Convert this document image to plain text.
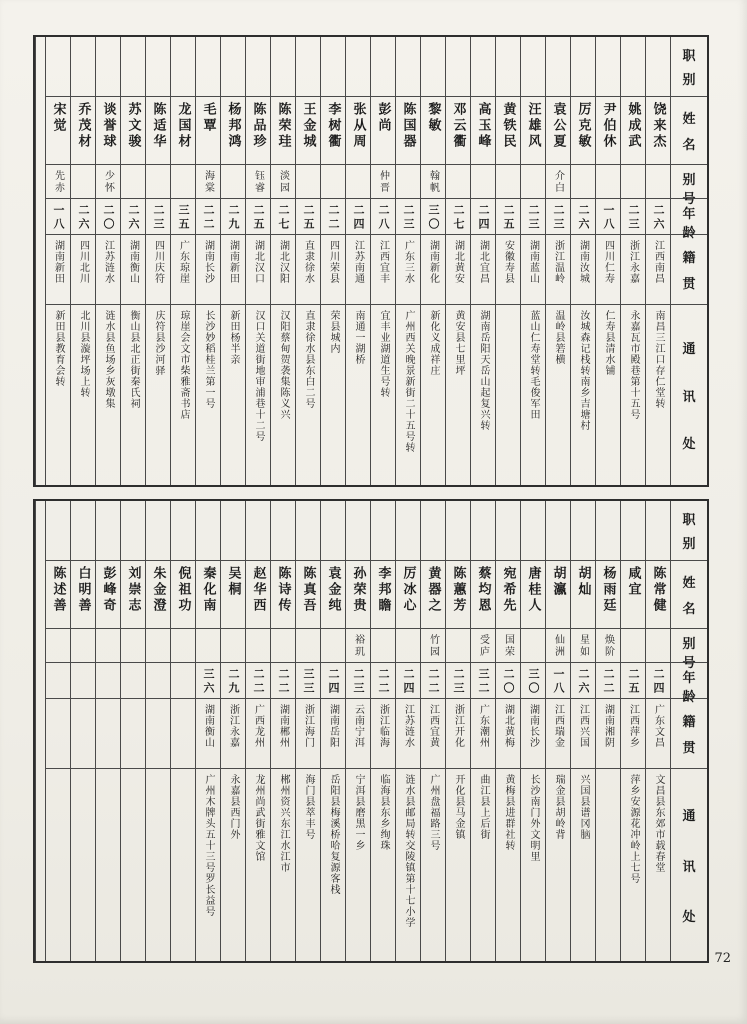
职
别
姓
名
别
号
年
龄
籍
贯
通
讯
处
饶来杰
二六
江西南昌
南昌三江口存仁堂转
姚成武
二三
浙江永嘉
永嘉瓦市殿巷第十五号
尹伯休
一八
四川仁寿
仁寿县清水铺
厉克敏
二六
湖南汝城
汝城森记栈转南乡吉塘村
袁公夏
介白
二三
浙江温岭
温岭县箬横
汪雄风
二三
湖南蓝山
蓝山仁寿堂转毛俊军田
黄铁民
二五
安徽寿县
高玉峰
二四
湖北宜昌
湖南岳阳天岳山起复兴转
邓云衢
二七
湖北黄安
黄安县七里坪
黎敏
翰帆
三〇
湖南新化
新化义成祥庄
陈国器
二三
广东三水
广州西关晚景新街二十五号转
彭尚
仲晋
二八
江西宜丰
宜丰业湖道生号转
张从周
二四
江苏南通
南通一湖桥
李树衢
二二
四川荣县
荣县城内
王金城
二五
直隶徐水
直隶徐水县东白二号
陈荣珪
淡园
二七
湖北汉阳
汉阳蔡甸贺袭集陈义兴
陈品珍
钰睿
二五
湖北汉口
汉口关道街地审浦巷十二号
杨邦鸿
二九
湖南新田
新田杨半亲
毛覃
海棠
二二
湖南长沙
长沙妙稻桂兰第一号
龙国材
三五
广东琼崖
琼崖会文市柴雅斋书店
陈适华
二三
四川庆符
庆符县沙河驿
苏文骏
二六
湖南衡山
衡山县北正街秦氏祠
谈誉球
少怀
二〇
江苏涟水
涟水县鱼场乡灰墩集
乔茂材
二六
四川北川
北川县漩坪场上转
宋觉
先赤
一八
湖南新田
新田县教育会转
职
别
姓
名
别
号
年
龄
籍
贯
通
讯
处
陈常健
二四
广东文昌
文昌县东郊市载春堂
咸宜
二五
江西萍乡
萍乡安源花冲岭上七号
杨雨廷
焕阶
二二
湖南湘阴
胡灿
星如
二六
江西兴国
兴国县谱冈脑
胡瀛
仙洲
一八
江西瑞金
瑞金县胡岭背
唐桂人
三〇
湖南长沙
长沙南门外文明里
宛希先
国荣
二〇
湖北黄梅
黄梅县进群社转
蔡均恩
受庐
三二
广东潮州
曲江县上后街
陈蕙芳
二三
浙江开化
开化县马金镇
黄器之
竹园
二二
江西宜黄
广州盘福路三号
厉冰心
二四
江苏涟水
涟水县邮局转交陵镇第十七小学
李邦瞻
二二
浙江临海
临海县东乡绚珠
孙荣贵
裕玑
二三
云南宁洱
宁洱县磨黑一乡
袁金纯
二四
湖南岳阳
岳阳县梅溪桥哈复源客栈
陈真吾
三三
浙江海门
海门县萃丰号
陈诗传
二二
湖南郴州
郴州资兴东江水江市
赵华西
二二
广西龙州
龙州尚武街雅文馆
吴桐
二九
浙江永嘉
永嘉县西门外
秦化南
三六
湖南衡山
广州木牌头五十三号罗长益号
倪祖功
朱金澄
刘崇志
彭峰奇
白明善
陈述善
72
